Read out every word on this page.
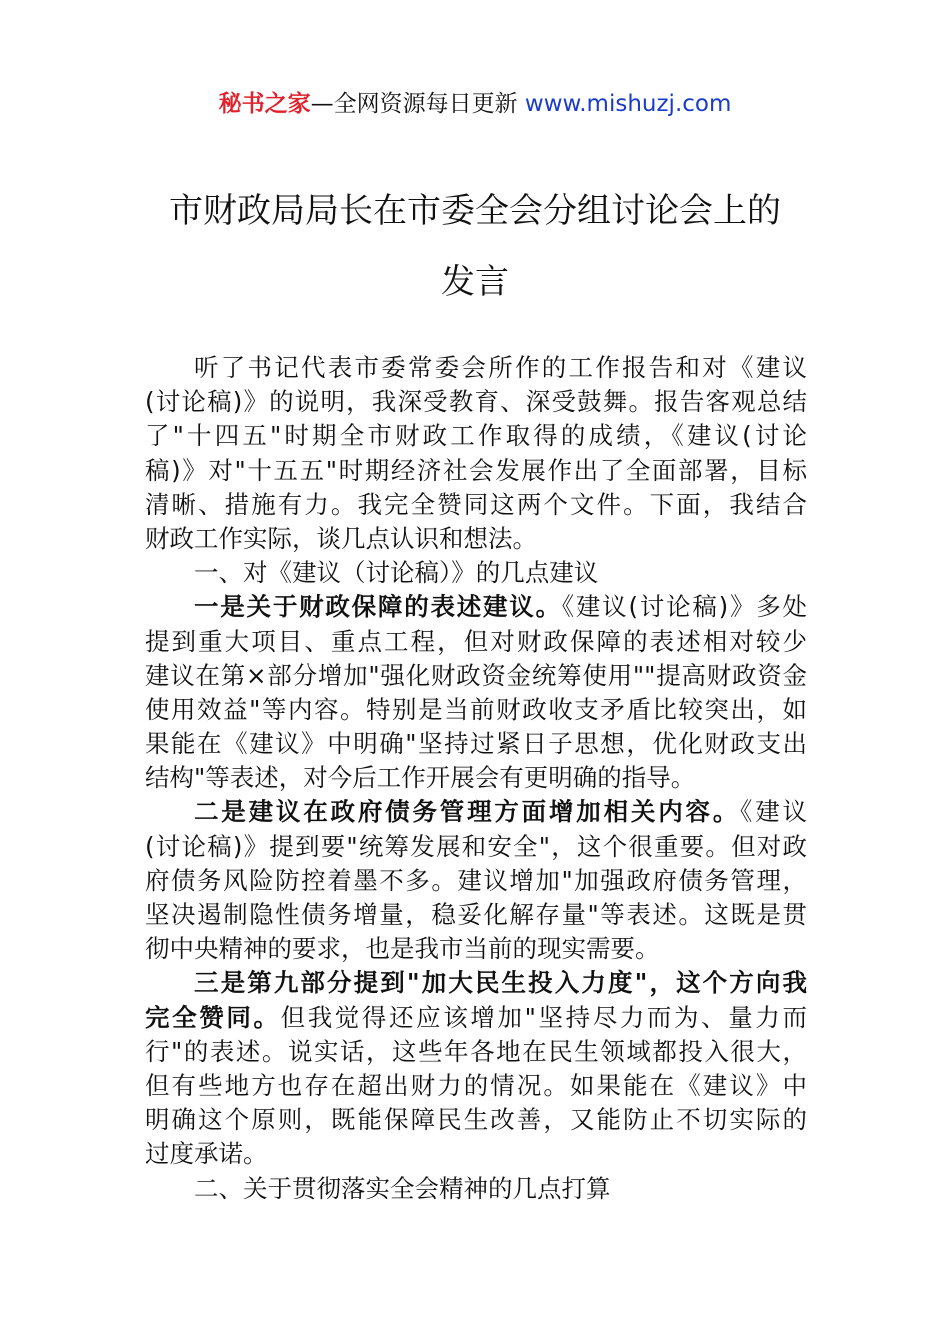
秘书之家—全网资源每日更新 www.mishuzj.com
市财政局局长在市委全会分组讨论会上的
发言
听了书记代表市委常委会所作的工作报告和对《建议
(讨论稿)》的说明，我深受教育、深受鼓舞。报告客观总结
了"十四五"时期全市财政工作取得的成绩，《建议(讨论
稿)》对"十五五"时期经济社会发展作出了全面部署，目标
清晰、措施有力。我完全赞同这两个文件。下面，我结合
财政工作实际，谈几点认识和想法。
一、对《建议（讨论稿）》的几点建议
一是关于财政保障的表述建议。《建议(讨论稿)》多处
提到重大项目、重点工程，但对财政保障的表述相对较少
建议在第×部分增加"强化财政资金统筹使用""提高财政资金
使用效益"等内容。特别是当前财政收支矛盾比较突出，如
果能在《建议》中明确"坚持过紧日子思想，优化财政支出
结构"等表述，对今后工作开展会有更明确的指导。
二是建议在政府债务管理方面增加相关内容。《建议
(讨论稿)》提到要"统筹发展和安全"，这个很重要。但对政
府债务风险防控着墨不多。建议增加"加强政府债务管理，
坚决遏制隐性债务增量，稳妥化解存量"等表述。这既是贯
彻中央精神的要求，也是我市当前的现实需要。
三是第九部分提到"加大民生投入力度"，这个方向我
完全赞同。但我觉得还应该增加"坚持尽力而为、量力而
行"的表述。说实话，这些年各地在民生领域都投入很大，
但有些地方也存在超出财力的情况。如果能在《建议》中
明确这个原则，既能保障民生改善，又能防止不切实际的
过度承诺。
二、关于贯彻落实全会精神的几点打算
